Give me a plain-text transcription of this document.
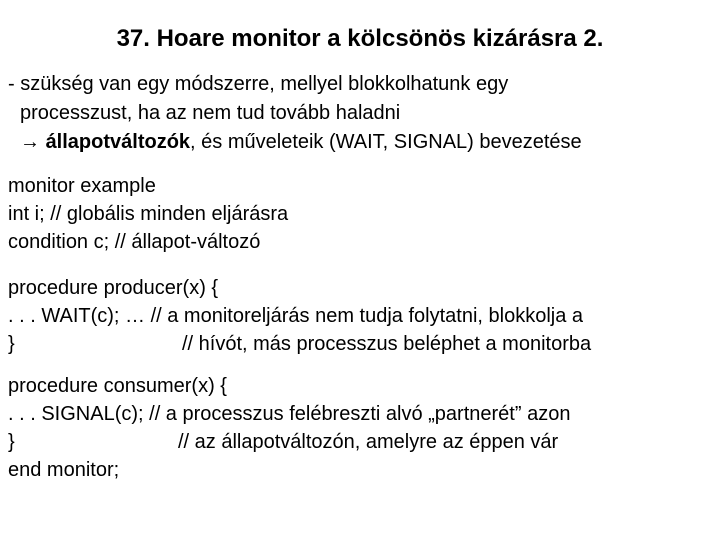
37. Hoare monitor a kölcsönös kizárásra 2.
- szükség van egy módszerre, mellyel blokkolhatunk egy
processzust, ha az nem tud tovább haladni
→ állapotváltozók, és műveleteik (WAIT, SIGNAL) bevezetése
monitor example
int i; // globális minden eljárásra
condition c; // állapot-változó
procedure producer(x) {
. . . WAIT(c); … // a monitoreljárás nem tudja folytatni, blokkolja a
}	// hívót, más processzus beléphet a monitorba
procedure consumer(x) {
. . . SIGNAL(c); // a processzus felébreszti alvó „partnerét” azon
}	// az állapotváltozón, amelyre az éppen vár
end monitor;
